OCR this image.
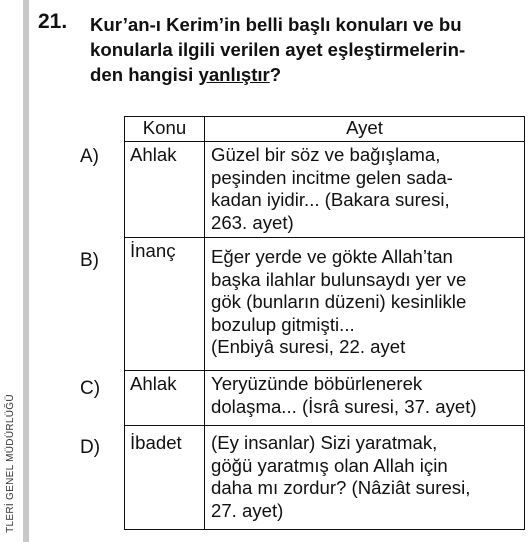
TLERİ GENEL MÜDÜRLÜĞÜ
21. Kur’an-ı Kerim’in belli başlı konuları ve bu
konularla ilgili verilen ayet eşleştirmelerin-
den hangisi yanlıştır?
A)
B)
C)
D)
Konu	Ayet
Ahlak	Güzel bir söz ve bağışlama,
peşinden incitme gelen sada-
kadan iyidir... (Bakara suresi,
263. ayet)

İnanç	Eğer yerde ve gökte Allah’tan
başka ilahlar bulunsaydı yer ve
gök (bunların düzeni) kesinlikle
bozulup gitmişti...
(Enbiyâ suresi, 22. ayet

Ahlak	Yeryüzünde böbürlenerek
dolaşma... (İsrâ suresi, 37. ayet)

İbadet	(Ey insanlar) Sizi yaratmak,
göğü yaratmış olan Allah için
daha mı zordur? (Nâziât suresi,
27. ayet)
